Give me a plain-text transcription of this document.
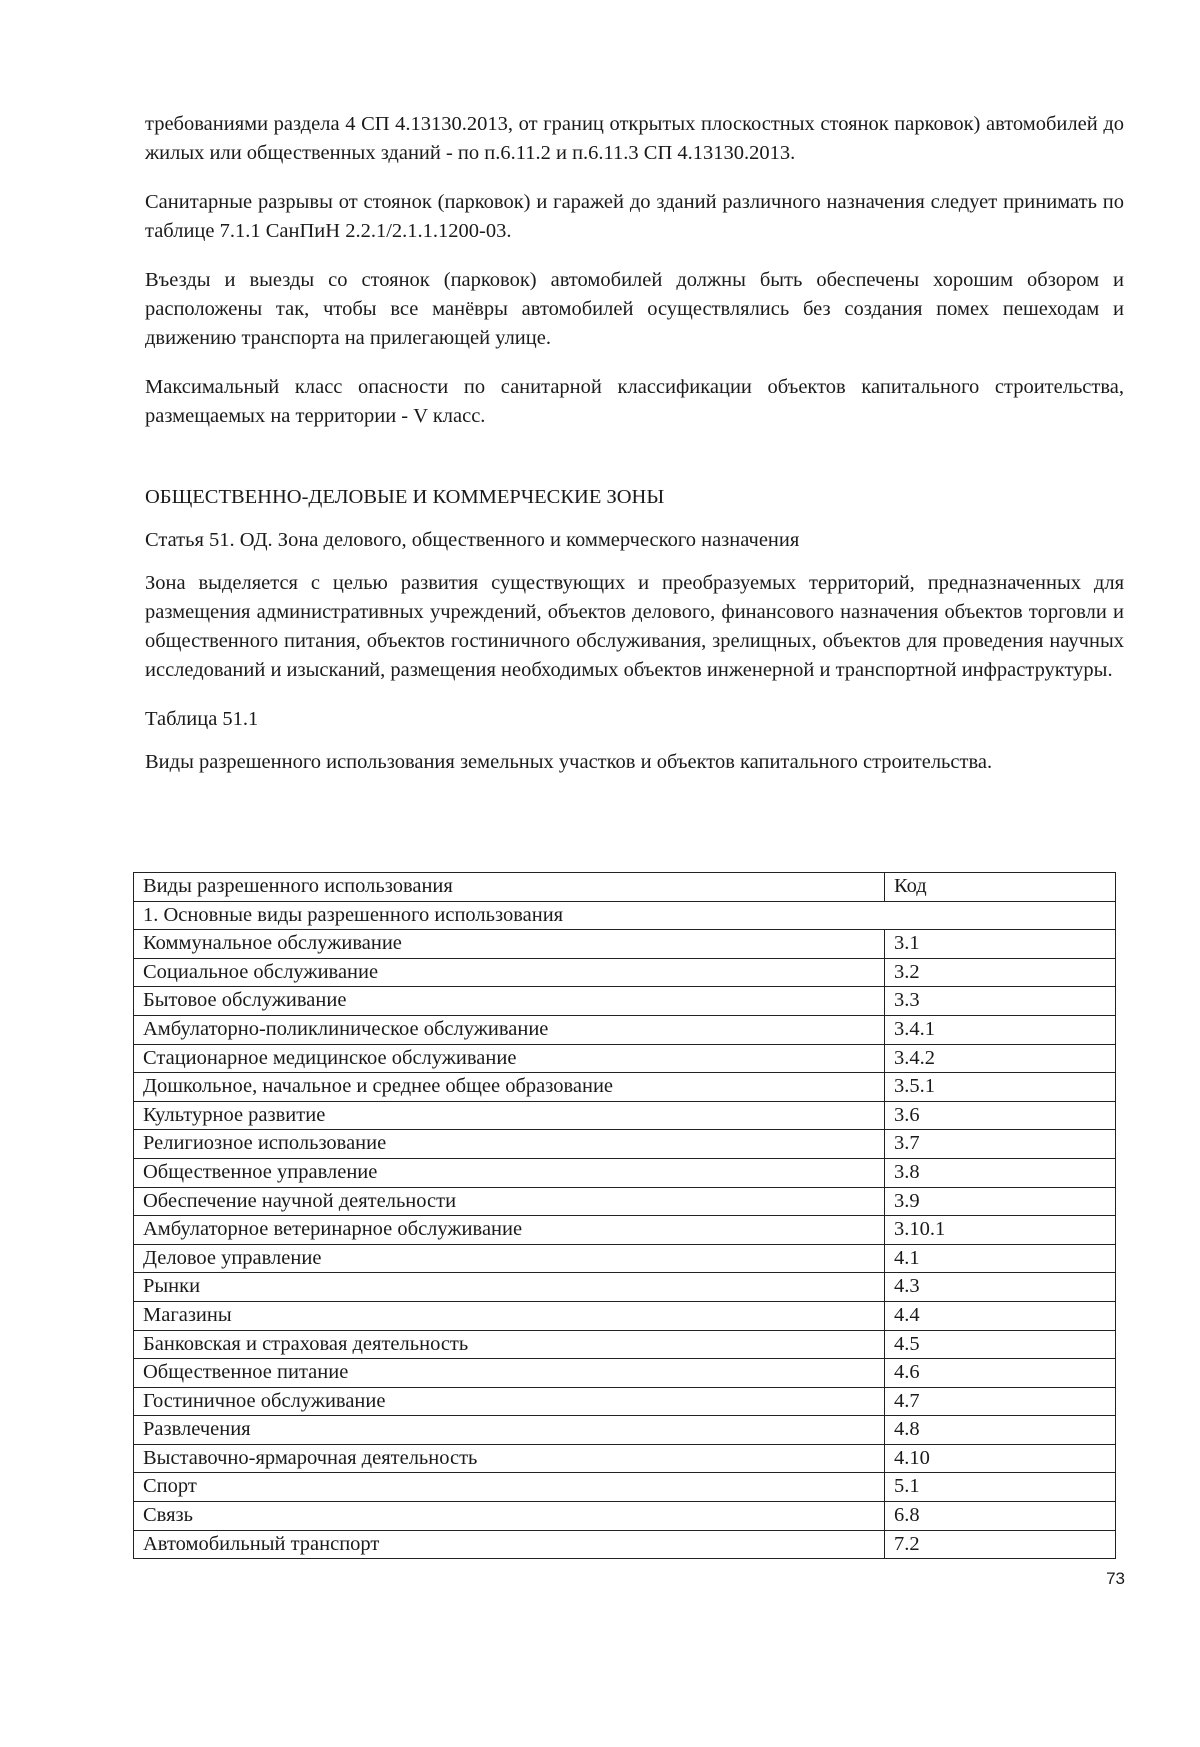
требованиями раздела 4 СП 4.13130.2013, от границ открытых плоскостных стоянок парковок) автомобилей до жилых или общественных зданий - по п.6.11.2 и п.6.11.3 СП 4.13130.2013.

Санитарные разрывы от стоянок (парковок) и гаражей до зданий различного назначения следует принимать по таблице 7.1.1 СанПиН 2.2.1/2.1.1.1200-03.

Въезды и выезды со стоянок (парковок) автомобилей должны быть обеспечены хорошим обзором и расположены так, чтобы все манёвры автомобилей осуществлялись без создания помех пешеходам и движению транспорта на прилегающей улице.

Максимальный класс опасности по санитарной классификации объектов капитального строительства, размещаемых на территории - V класс.

ОБЩЕСТВЕННО-ДЕЛОВЫЕ И КОММЕРЧЕСКИЕ ЗОНЫ

Статья 51. ОД. Зона делового, общественного и коммерческого назначения

Зона выделяется с целью развития существующих и преобразуемых территорий, предназначенных для размещения административных учреждений, объектов делового, финансового назначения объектов торговли и общественного питания, объектов гостиничного обслуживания, зрелищных, объектов для проведения научных исследований и изысканий, размещения необходимых объектов инженерной и транспортной инфраструктуры.

Таблица 51.1

Виды разрешенного использования земельных участков и объектов капитального строительства.

Виды разрешенного использования	Код
1. Основные виды разрешенного использования	
Коммунальное обслуживание	3.1
Социальное обслуживание	3.2
Бытовое обслуживание	3.3
Амбулаторно-поликлиническое обслуживание	3.4.1
Стационарное медицинское обслуживание	3.4.2
Дошкольное, начальное и среднее общее образование	3.5.1
Культурное развитие	3.6
Религиозное использование	3.7
Общественное управление	3.8
Обеспечение научной деятельности	3.9
Амбулаторное ветеринарное обслуживание	3.10.1
Деловое управление	4.1
Рынки	4.3
Магазины	4.4
Банковская и страховая деятельность	4.5
Общественное питание	4.6
Гостиничное обслуживание	4.7
Развлечения	4.8
Выставочно-ярмарочная деятельность	4.10
Спорт	5.1
Связь	6.8
Автомобильный транспорт	7.2
73
